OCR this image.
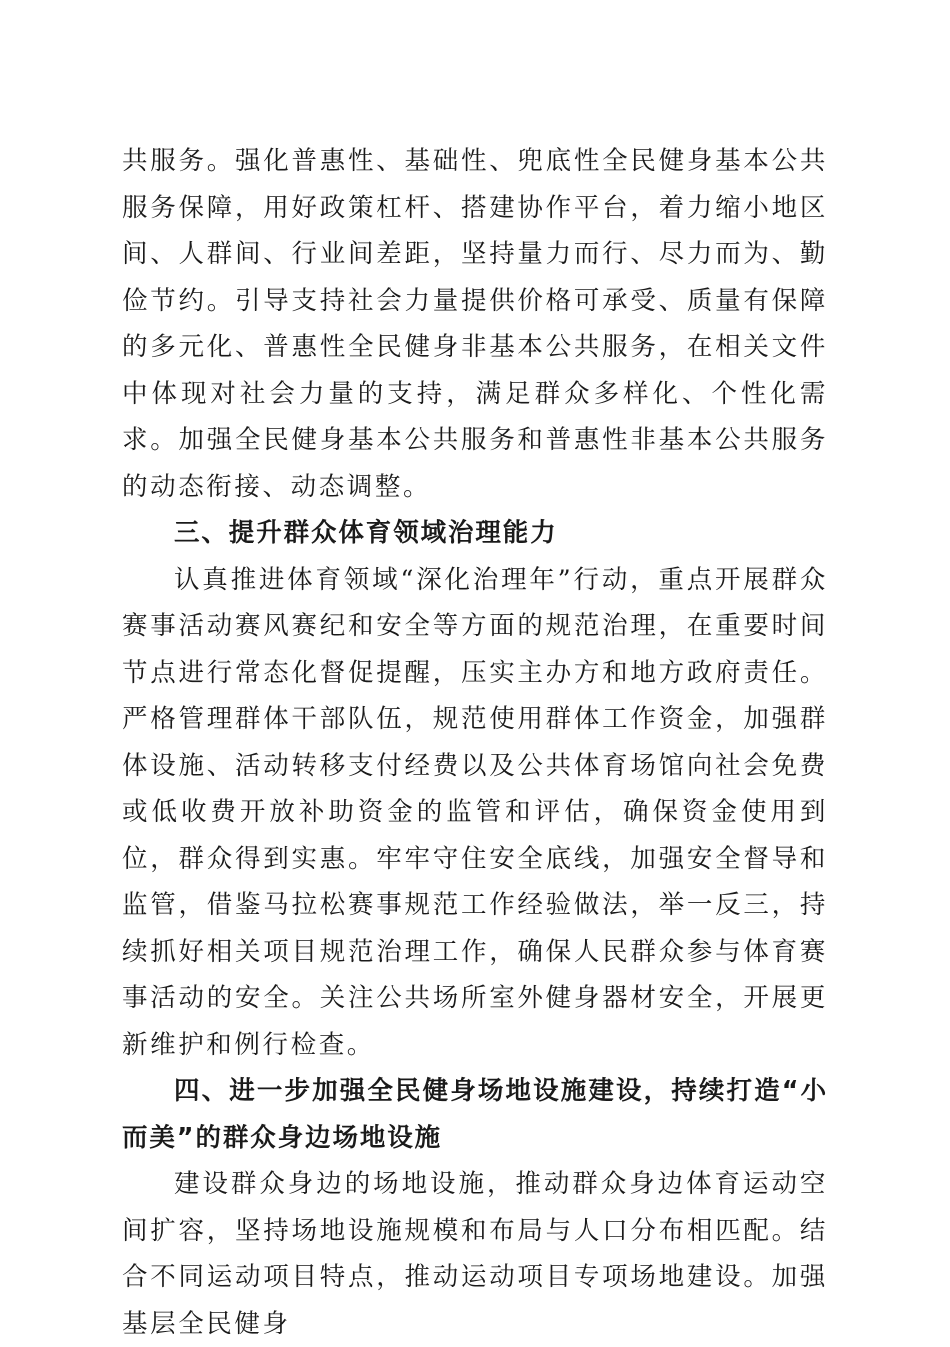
共服务。强化普惠性、基础性、兜底性全民健身基本公共服务保障，用好政策杠杆、搭建协作平台，着力缩小地区间、人群间、行业间差距，坚持量力而行、尽力而为、勤俭节约。引导支持社会力量提供价格可承受、质量有保障的多元化、普惠性全民健身非基本公共服务，在相关文件中体现对社会力量的支持，满足群众多样化、个性化需求。加强全民健身基本公共服务和普惠性非基本公共服务的动态衔接、动态调整。

三、提升群众体育领域治理能力

认真推进体育领域“深化治理年”行动，重点开展群众赛事活动赛风赛纪和安全等方面的规范治理，在重要时间节点进行常态化督促提醒，压实主办方和地方政府责任。严格管理群体干部队伍，规范使用群体工作资金，加强群体设施、活动转移支付经费以及公共体育场馆向社会免费或低收费开放补助资金的监管和评估，确保资金使用到位，群众得到实惠。牢牢守住安全底线，加强安全督导和监管，借鉴马拉松赛事规范工作经验做法，举一反三，持续抓好相关项目规范治理工作，确保人民群众参与体育赛事活动的安全。关注公共场所室外健身器材安全，开展更新维护和例行检查。

四、进一步加强全民健身场地设施建设，持续打造“小而美”的群众身边场地设施

建设群众身边的场地设施，推动群众身边体育运动空间扩容，坚持场地设施规模和布局与人口分布相匹配。结合不同运动项目特点，推动运动项目专项场地建设。加强基层全民健身
